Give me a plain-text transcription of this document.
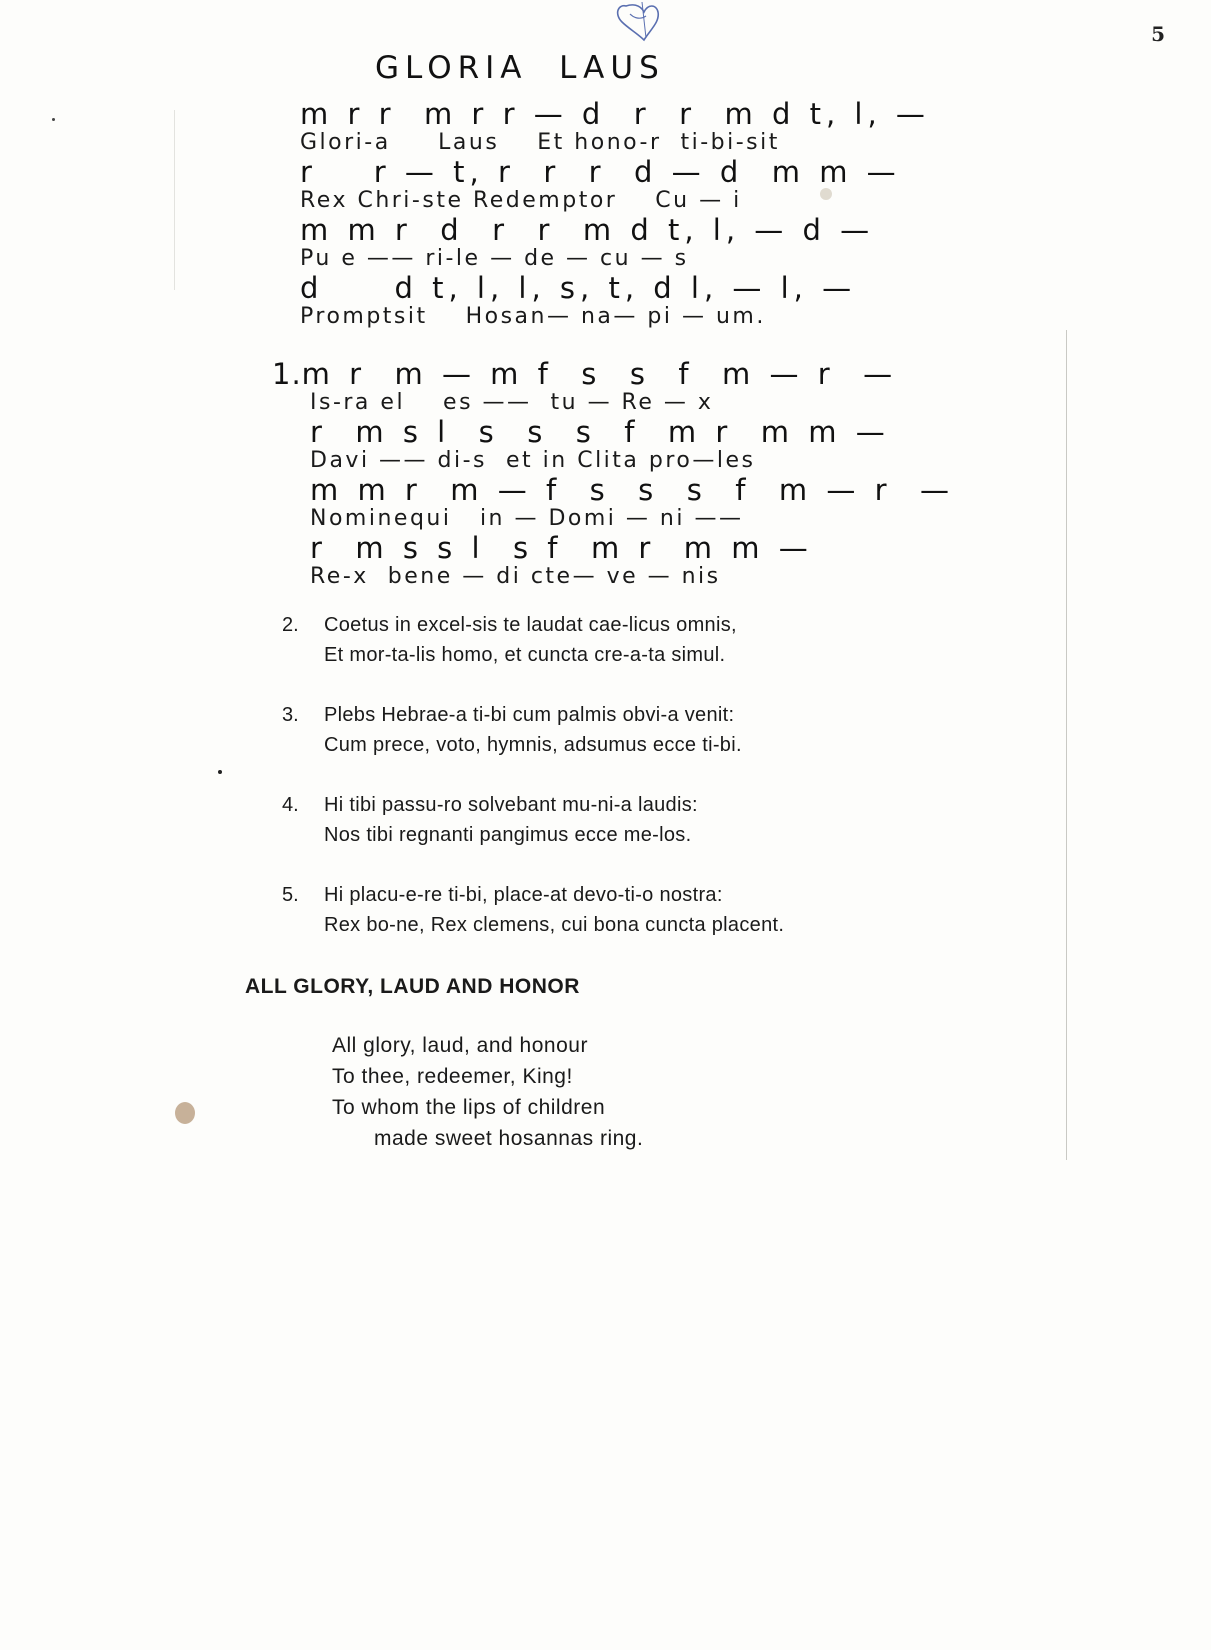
5
GLORIA  LAUS
m r r  m r r — d  r  r  m d t, l, —
Glori-a     Laus    Et hono-r  ti-bi-sit
r    r — t, r  r  r  d — d  m m —
Rex Chri-ste Redemptor    Cu — i
m m r  d  r  r  m d t, l, — d —
Pu e —— ri-le — de — cu — s
d     d t, l, l, s, t, d l, — l, —
Promptsit    Hosan— na— pi — um.
1.m r  m — m f  s  s  f  m — r  —
Is-ra el    es ——  tu — Re — x
r  m s l  s  s  s  f  m r  m m —
Davi —— di-s  et in Clita pro—les
m m r  m — f  s  s  s  f  m — r  —
Nominequi   in — Domi — ni ——
r  m s s l  s f  m r  m m —
Re-x  bene — di cte— ve — nis
2.	Coetus in excel-sis te laudat cae-licus omnis,
Et mor-ta-lis homo, et cuncta cre-a-ta simul.
3.	Plebs Hebrae-a ti-bi cum palmis obvi-a venit:
Cum prece, voto, hymnis, adsumus ecce ti-bi.
4.	Hi tibi passu-ro solvebant mu-ni-a laudis:
Nos tibi regnanti pangimus ecce me-los.
5.	Hi placu-e-re ti-bi, place-at devo-ti-o nostra:
Rex bo-ne, Rex clemens, cui bona cuncta placent.
ALL GLORY, LAUD AND HONOR
All glory, laud, and honour
To thee, redeemer, King!
To whom the lips of children
made sweet hosannas ring.
